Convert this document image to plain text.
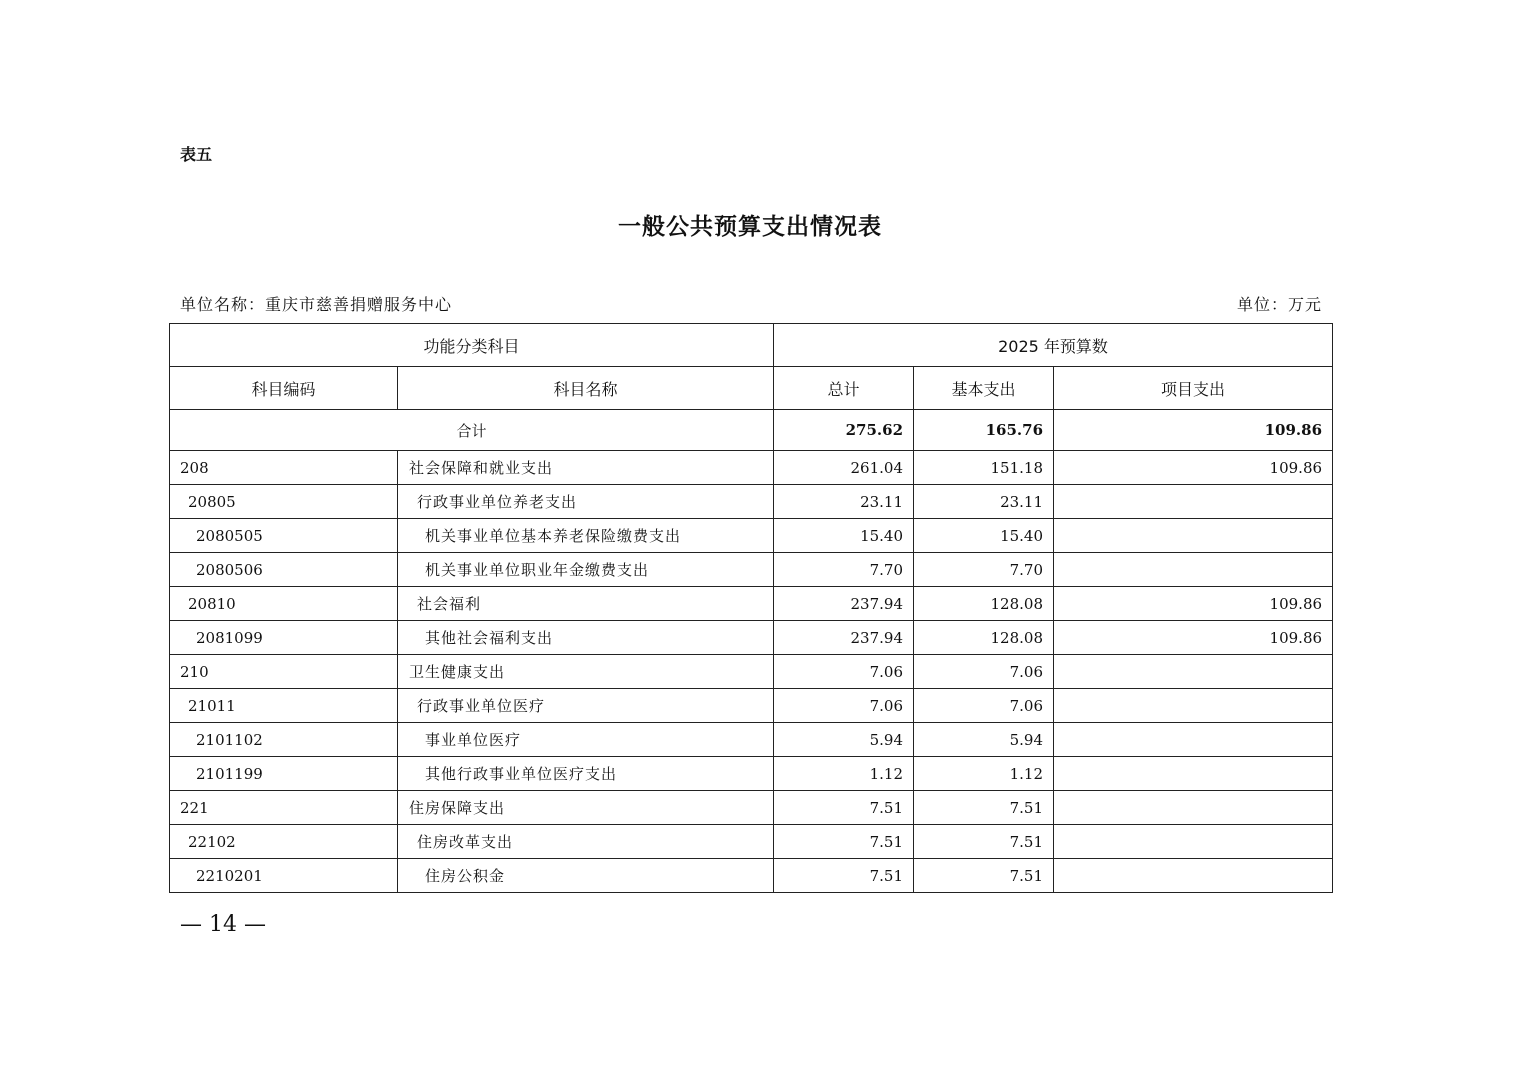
表五
一般公共预算支出情况表
单位名称：重庆市慈善捐赠服务中心	单位：万元
功能分类科目		2025 年预算数		
科目编码	科目名称	总计	基本支出	项目支出
合计		275.62	165.76	109.86
208	社会保障和就业支出	261.04	151.18	109.86
20805	行政事业单位养老支出	23.11	23.11	
2080505	机关事业单位基本养老保险缴费支出	15.40	15.40	
2080506	机关事业单位职业年金缴费支出	7.70	7.70	
20810	社会福利	237.94	128.08	109.86
2081099	其他社会福利支出	237.94	128.08	109.86
210	卫生健康支出	7.06	7.06	
21011	行政事业单位医疗	7.06	7.06	
2101102	事业单位医疗	5.94	5.94	
2101199	其他行政事业单位医疗支出	1.12	1.12	
221	住房保障支出	7.51	7.51	
22102	住房改革支出	7.51	7.51	
2210201	住房公积金	7.51	7.51	
— 14 —
